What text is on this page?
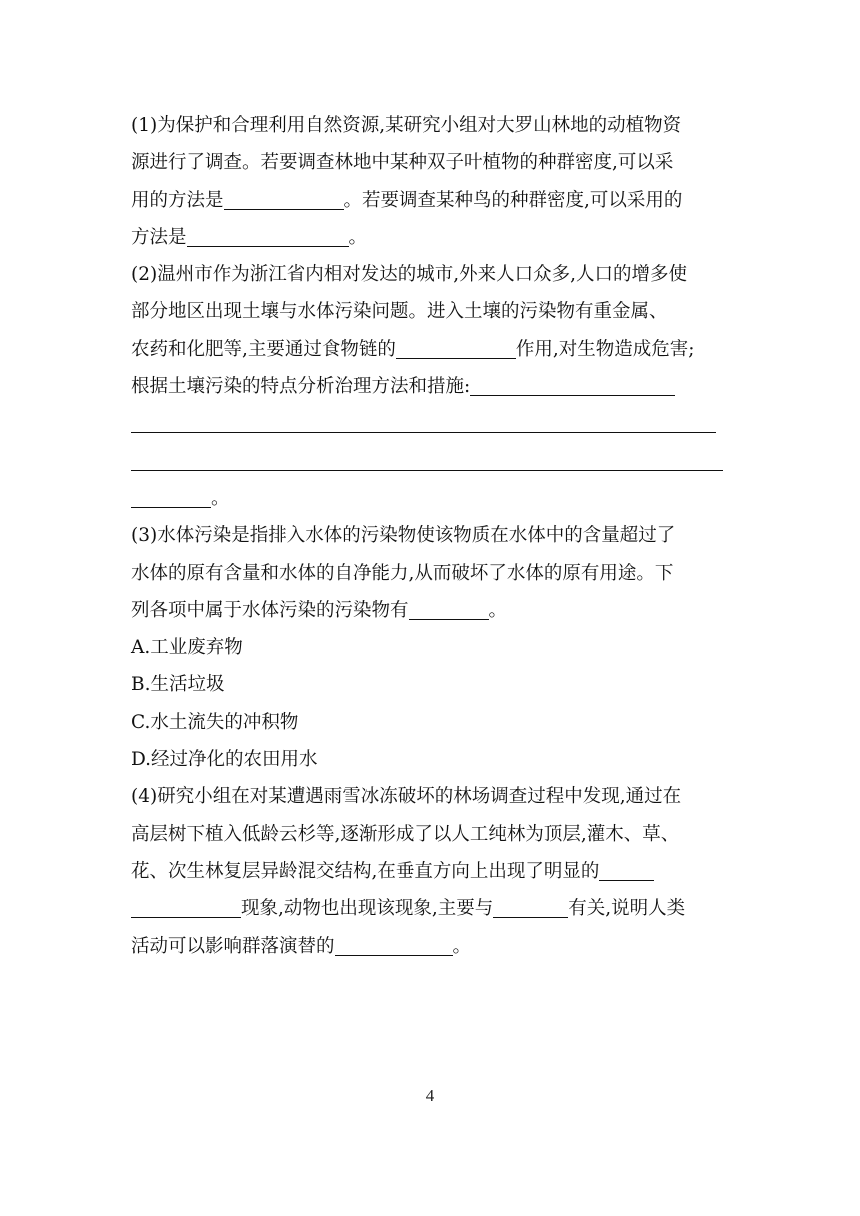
(1)为保护和合理利用自然资源,某研究小组对大罗山林地的动植物资
源进行了调查。若要调查林地中某种双子叶植物的种群密度,可以采
用的方法是	。若要调查某种鸟的种群密度,可以采用的
方法是	。
(2)温州市作为浙江省内相对发达的城市,外来人口众多,人口的增多使
部分地区出现土壤与水体污染问题。进入土壤的污染物有重金属、
农药和化肥等,主要通过食物链的	作用,对生物造成危害;
根据土壤污染的特点分析治理方法和措施:
。
(3)水体污染是指排入水体的污染物使该物质在水体中的含量超过了
水体的原有含量和水体的自净能力,从而破坏了水体的原有用途。下
列各项中属于水体污染的污染物有	。
A.工业废弃物
B.生活垃圾
C.水土流失的冲积物
D.经过净化的农田用水
(4)研究小组在对某遭遇雨雪冰冻破坏的林场调查过程中发现,通过在
高层树下植入低龄云杉等,逐渐形成了以人工纯林为顶层,灌木、草、
花、次生林复层异龄混交结构,在垂直方向上出现了明显的
现象,动物也出现该现象,主要与	有关,说明人类
活动可以影响群落演替的	。
4
